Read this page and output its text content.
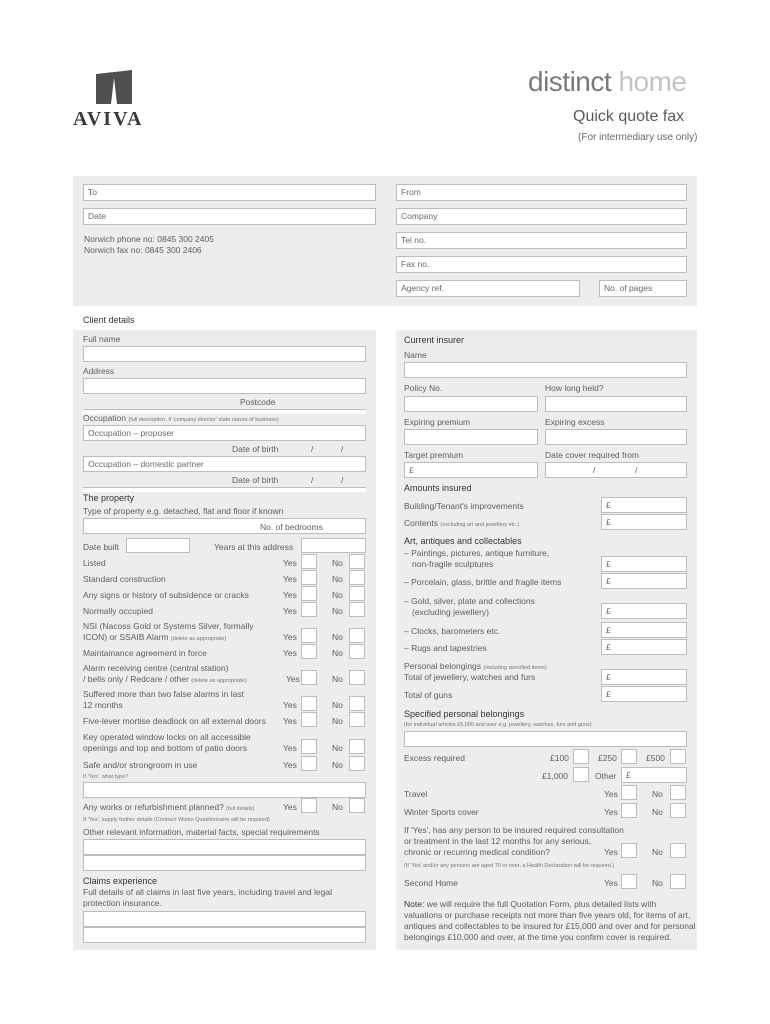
AVIVA
distinct home
Quick quote fax
(For intermediary use only)
To
Date
Norwich phone no: 0845 300 2405
Norwich fax no: 0845 300 2406
From
Company
Tel no.
Fax no.
Agency ref.	No. of pages
Client details
Full name
Address
Postcode
Occupation (full description, if 'company director' state nature of business)
Occupation – proposer
Date of birth	/	/
Occupation – domestic partner
Date of birth	/	/
The property
Type of property e.g. detached, flat and floor if known
No. of bedrooms
Date built	Years at this address
Listed	Yes	No
Standard construction	Yes	No
Any signs or history of subsidence or cracks	Yes	No
Normally occupied	Yes	No
NSI (Nacoss Gold or Systems Silver, formally
ICON) or SSAIB Alarm (delete as appropriate)	Yes	No
Maintainance agreement in force	Yes	No
Alarm receiving centre (central station)
/ bells only / Redcare / other (delete as appropriate)	Yes	No
Suffered more than two false alarms in last
12 months	Yes	No
Five-lever mortise deadlock on all external doors Yes	No
Key operated window locks on all accessible
openings and top and bottom of patio doors	Yes	No
Safe and/or strongroom in use	Yes	No
If 'Yes', what type?
Any works or refurbishment planned? (full details)	Yes	No
If 'Yes', supply further details (Contract Works Questionnaire will be required)
Other relevant information, material facts, special requirements
Claims experience
Full details of all claims in last five years, including travel and legal
protection insurance.
Current insurer
Name
Policy No.	How long held?
Expiring premium	Expiring excess
Target premium	Date cover required from
£	/	/
Amounts insured
Building/Tenant's improvements	£
Contents (excluding art and jewellery etc.)	£
Art, antiques and collectables
– Paintings, pictures, antique furniture,
non-fragile sculptures	£
– Porcelain, glass, brittle and fragile items	£
– Gold, silver, plate and collections
(excluding jewellery)	£
– Clocks, barometers etc.	£
– Rugs and tapestries	£
Personal belongings (including specified items)
Total of jewellery, watches and furs	£
Total of guns	£
Specified personal belongings
(for individual articles £5,000 and over e.g. jewellery, watches, furs and guns)
Excess required	£100	£250	£500
£1,000	Other	£
Travel	Yes	No
Winter Sports cover	Yes	No
If 'Yes', has any person to be insured required consultation
or treatment in the last 12 months for any serious,
chronic or recurring medical condition?	Yes	No
(If 'Yes' and/or any persons are aged 70 or over, a Health Declaration will be required.)
Second Home	Yes	No
Note: we will require the full Quotation Form, plus detailed lists with
valuations or purchase receipts not more than five years old, for items of art,
antiques and collectables to be insured for £15,000 and over and for personal
belongings £10,000 and over, at the time you confirm cover is required.
